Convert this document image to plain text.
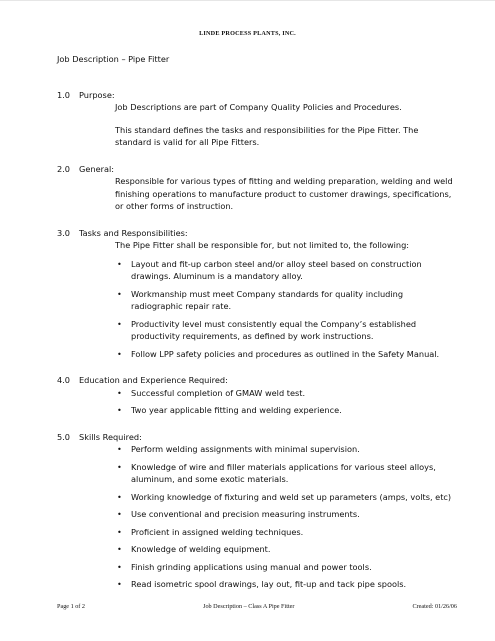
LINDE PROCESS PLANTS, INC.
Job Description – Pipe Fitter
1.0	Purpose:
Job Descriptions are part of Company Quality Policies and Procedures.
This standard defines the tasks and responsibilities for the Pipe Fitter. The standard is valid for all Pipe Fitters.
2.0	General:
Responsible for various types of fitting and welding preparation, welding and weld finishing operations to manufacture product to customer drawings, specifications, or other forms of instruction.
3.0	Tasks and Responsibilities:
The Pipe Fitter shall be responsible for, but not limited to, the following:
• Layout and fit-up carbon steel and/or alloy steel based on construction drawings. Aluminum is a mandatory alloy.
• Workmanship must meet Company standards for quality including radiographic repair rate.
• Productivity level must consistently equal the Company’s established productivity requirements, as defined by work instructions.
• Follow LPP safety policies and procedures as outlined in the Safety Manual.
4.0	Education and Experience Required:
• Successful completion of GMAW weld test.
• Two year applicable fitting and welding experience.
5.0	Skills Required:
• Perform welding assignments with minimal supervision.
• Knowledge of wire and filler materials applications for various steel alloys, aluminum, and some exotic materials.
• Working knowledge of fixturing and weld set up parameters (amps, volts, etc)
• Use conventional and precision measuring instruments.
• Proficient in assigned welding techniques.
• Knowledge of welding equipment.
• Finish grinding applications using manual and power tools.
• Read isometric spool drawings, lay out, fit-up and tack pipe spools.
Page 1 of 2	Job Description – Class A Pipe Fitter	Created: 01/26/06
